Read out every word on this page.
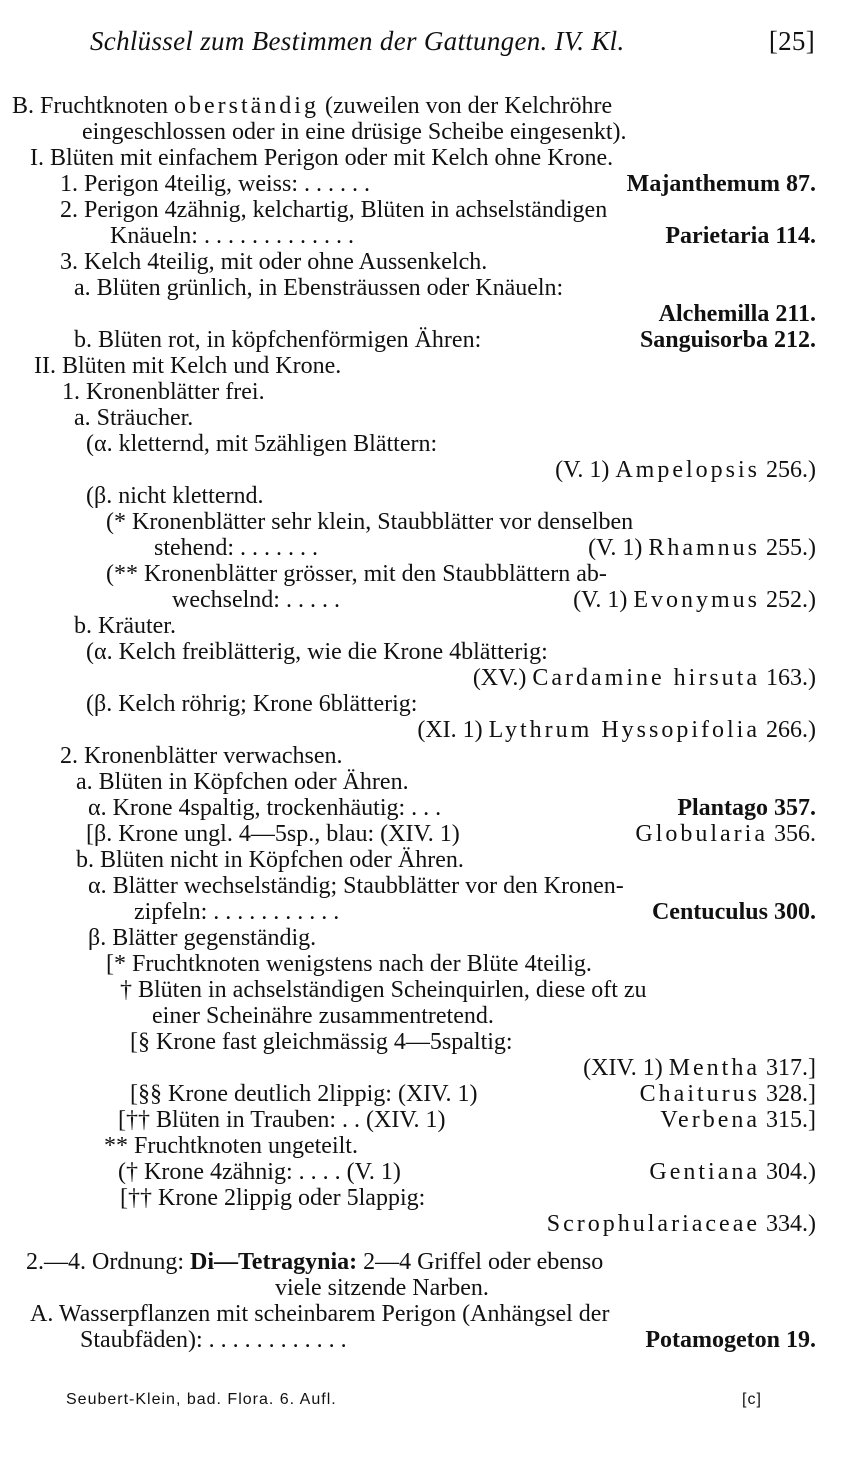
Schlüssel zum Bestimmen der Gattungen. IV. Kl.	[25]
B. Fruchtknoten oberständig (zuweilen von der Kelchröhre
eingeschlossen oder in eine drüsige Scheibe eingesenkt).
I. Blüten mit einfachem Perigon oder mit Kelch ohne Krone.
1. Perigon 4teilig, weiss: . . . . . .	Majanthemum 87.
2. Perigon 4zähnig, kelchartig, Blüten in achselständigen
Knäueln: . . . . . . . . . . . . .	Parietaria 114.
3. Kelch 4teilig, mit oder ohne Aussenkelch.
a. Blüten grünlich, in Ebensträussen oder Knäueln:
Alchemilla 211.
b. Blüten rot, in köpfchenförmigen Ähren:	Sanguisorba 212.
II. Blüten mit Kelch und Krone.
1. Kronenblätter frei.
a. Sträucher.
(α. kletternd, mit 5zähligen Blättern:
(V. 1) Ampelopsis 256.)
(β. nicht kletternd.
(* Kronenblätter sehr klein, Staubblätter vor denselben
stehend: . . . . . . .	(V. 1) Rhamnus 255.)
(** Kronenblätter grösser, mit den Staubblättern ab-
wechselnd: . . . . .	(V. 1) Evonymus 252.)
b. Kräuter.
(α. Kelch freiblätterig, wie die Krone 4blätterig:
(XV.) Cardamine hirsuta 163.)
(β. Kelch röhrig; Krone 6blätterig:
(XI. 1) Lythrum Hyssopifolia 266.)
2. Kronenblätter verwachsen.
a. Blüten in Köpfchen oder Ähren.
α. Krone 4spaltig, trockenhäutig: . . .	Plantago 357.
[β. Krone ungl. 4—5sp., blau: (XIV. 1)	Globularia 356.
b. Blüten nicht in Köpfchen oder Ähren.
α. Blätter wechselständig; Staubblätter vor den Kronen-
zipfeln: . . . . . . . . . . .	Centuculus 300.
β. Blätter gegenständig.
[* Fruchtknoten wenigstens nach der Blüte 4teilig.
† Blüten in achselständigen Scheinquirlen, diese oft zu
einer Scheinähre zusammentretend.
[§ Krone fast gleichmässig 4—5spaltig:
(XIV. 1) Mentha 317.]
[§§ Krone deutlich 2lippig: (XIV. 1)	Chaiturus 328.]
[†† Blüten in Trauben: . . (XIV. 1)	Verbena 315.]
** Fruchtknoten ungeteilt.
(† Krone 4zähnig: . . . . (V. 1)	Gentiana 304.)
[†† Krone 2lippig oder 5lappig:
Scrophulariaceae 334.)
2.—4. Ordnung: Di—Tetragynia: 2—4 Griffel oder ebenso
viele sitzende Narben.
A. Wasserpflanzen mit scheinbarem Perigon (Anhängsel der
Staubfäden): . . . . . . . . . . . .	Potamogeton 19.
Seubert-Klein, bad. Flora. 6. Aufl.	[c]
